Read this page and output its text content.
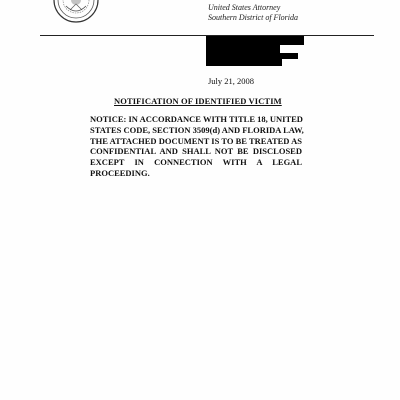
United States Attorney
Southern District of Florida
July 21, 2008
NOTIFICATION OF IDENTIFIED VICTIM
NOTICE: IN ACCORDANCE WITH TITLE 18, UNITED
STATES CODE, SECTION 3509(d) AND FLORIDA LAW,
THE ATTACHED DOCUMENT IS TO BE TREATED AS
CONFIDENTIAL AND SHALL NOT BE DISCLOSED
EXCEPT IN CONNECTION WITH A LEGAL
PROCEEDING.
